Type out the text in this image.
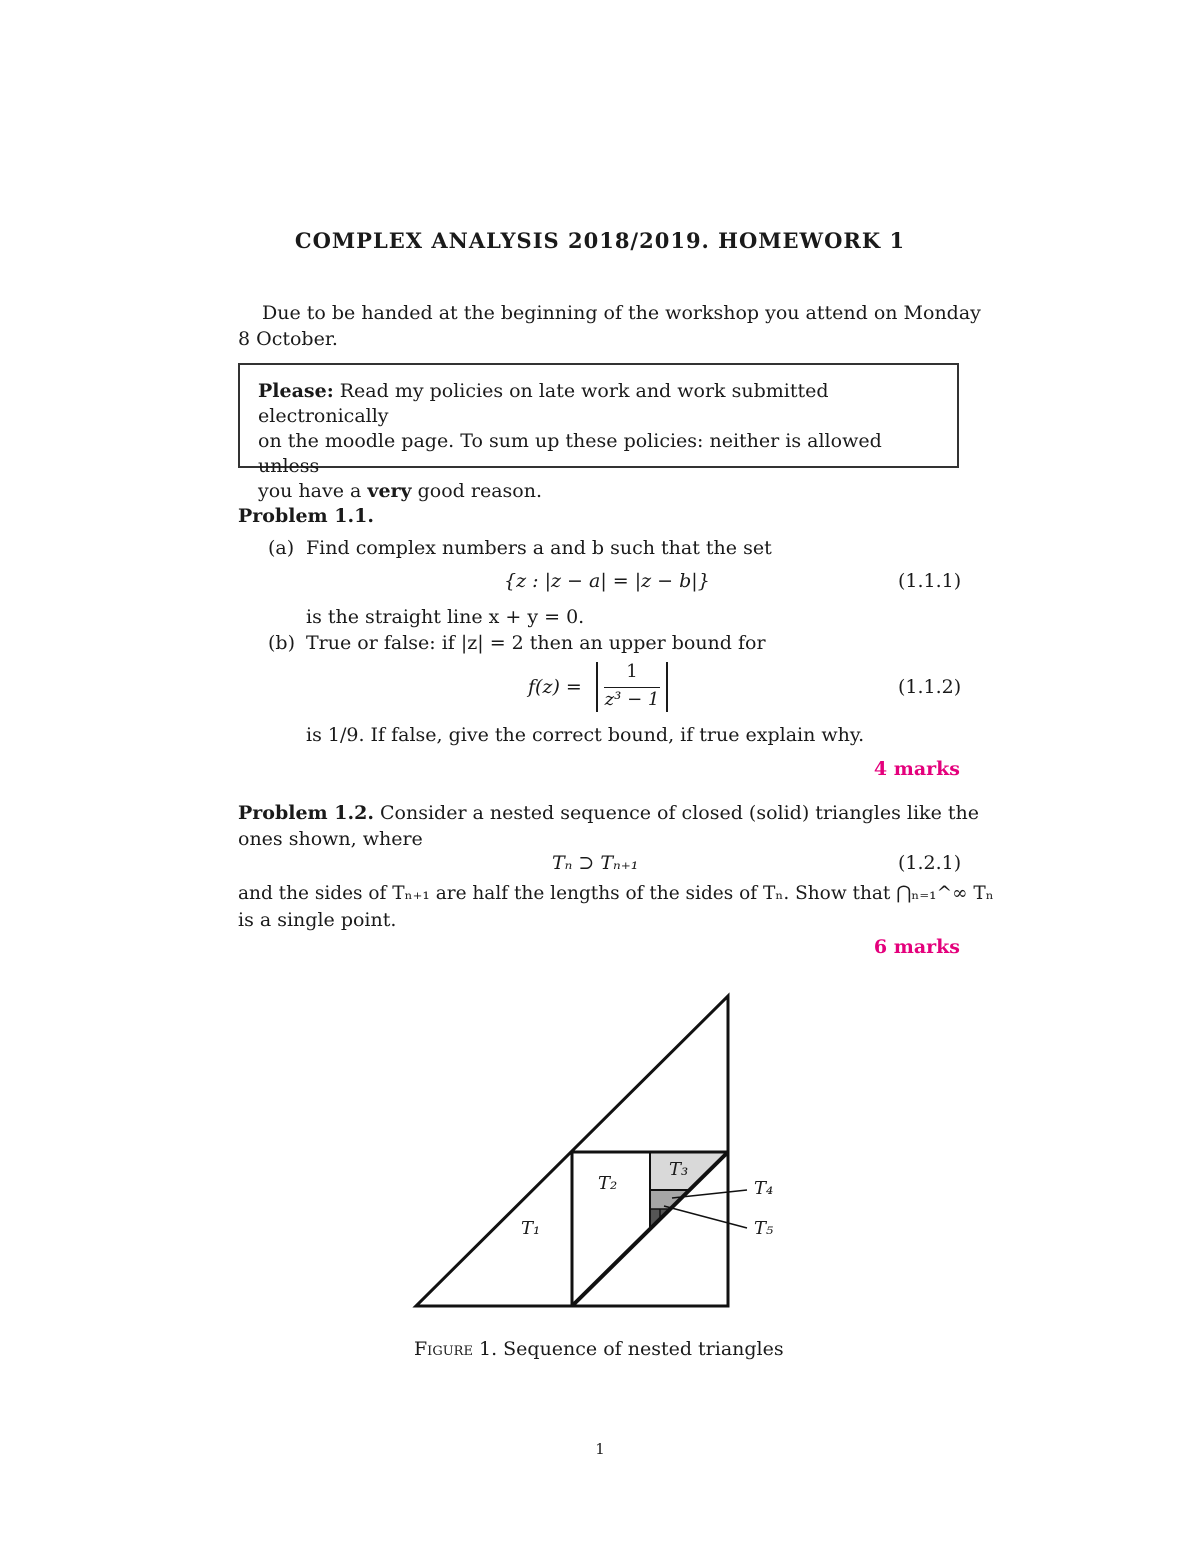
COMPLEX ANALYSIS 2018/2019. HOMEWORK 1
Due to be handed at the beginning of the workshop you attend on Monday
8 October.
Please: Read my policies on late work and work submitted electronically
on the moodle page. To sum up these policies: neither is allowed unless
you have a very good reason.
Problem 1.1.
(a) Find complex numbers a and b such that the set
{z : |z − a| = |z − b|}	(1.1.1)
is the straight line x + y = 0.
(b) True or false: if |z| = 2 then an upper bound for
f(z) =
1
z³ − 1
(1.1.2)
is 1/9. If false, give the correct bound, if true explain why.
4 marks
Problem 1.2. Consider a nested sequence of closed (solid) triangles like the
ones shown, where
Tₙ ⊃ Tₙ₊₁	(1.2.1)
and the sides of Tₙ₊₁ are half the lengths of the sides of Tₙ. Show that ⋂ₙ₌₁^∞ Tₙ
is a single point.
6 marks
T₁
T₂
T₃
T₄
T₅
Figure 1. Sequence of nested triangles
1
